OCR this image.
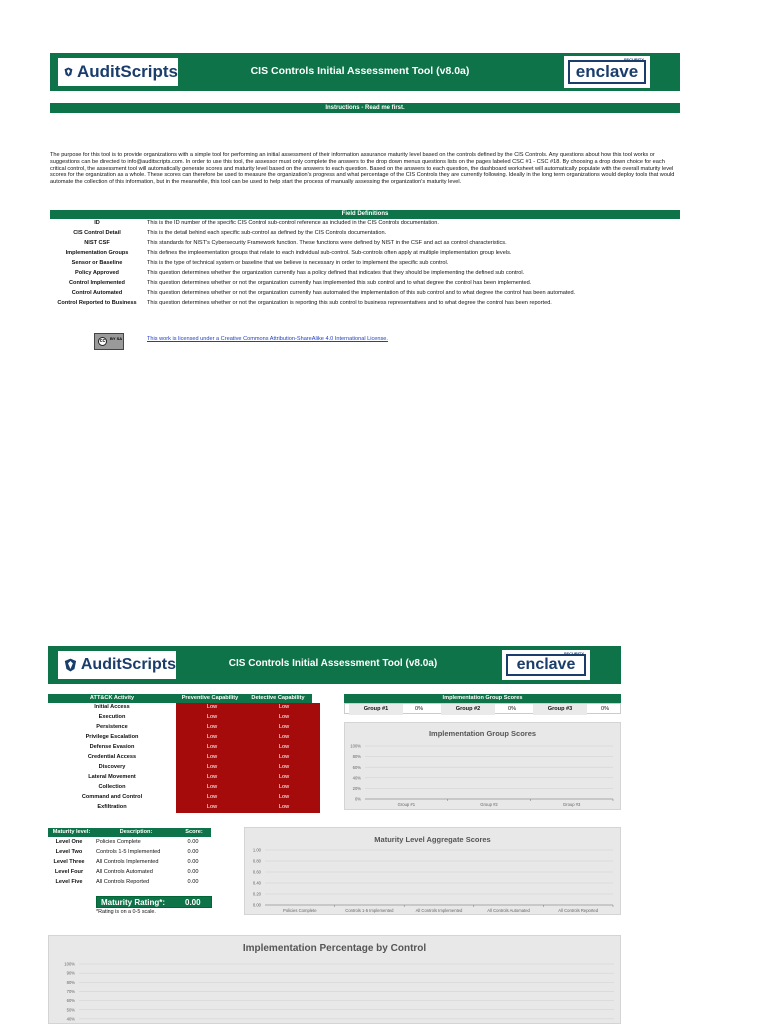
AuditScripts	CIS Controls Initial Assessment Tool (v8.0a)	enclave
SECURITY
Instructions - Read me first.
The purpose for this tool is to provide organizations with a simple tool for performing an initial assessment of their information assurance maturity level based on the controls defined by the CIS Controls. Any questions about how this tool works or suggestions can be directed to info@auditscripts.com. In order to use this tool, the assessor must only complete the answers to the drop down menus questions lists on the pages labeled CSC #1 - CSC #18. By choosing a drop down choice for each critical control, the assessment tool will automatically generate scores and maturity level based on the answers to each question. Based on the answers to each question, the dashboard worksheet will automatically populate with the overall maturity level scores for the organization as a whole. These scores can therefore be used to measure the organization's progress and what percentage of the CIS Controls they are currently following. Ideally in the long term organizations would deploy tools that would automate the collection of this information, but in the meanwhile, this tool can be used to help start the process of manually assessing the organization's maturity level.
Field Definitions
ID	This is the ID number of the specific CIS Control sub-control reference as included in the CIS Controls documentation.
CIS Control Detail	This is the detail behind each specific sub-control as defined by the CIS Controls documentation.
NIST CSF	This standards for NIST's Cybersecurity Framework function. These functions were defined by NIST in the CSF and act as control characteristics.
Implementation Groups	This defines the impleementation groups that relate to each individual sub-control. Sub-controls often apply at multiple implementation group levels.
Sensor or Baseline	This is the type of technical system or baseline that we believe is necessary in order to implement the specific sub control.
Policy Approved	This question determines whether the organization currently has a policy defined that indicates that they should be implementing the defined sub control.
Control Implemented	This question determines whether or not the organization currently has implemented this sub control and to what degree the control has been implemented.
Control Automated	This question determines whether or not the organization currently has automated the implementation of this sub control and to what degree the control has been automated.
Control Reported to Business	This question determines whether or not the organization is reporting this sub control to business representatives and to what degree the control has been reported.
cc	BY SA	This work is licensed under a Creative Commons Attribution-ShareAlike 4.0 International License.
AuditScripts	CIS Controls Initial Assessment Tool (v8.0a)	enclave
SECURITY
ATT&CK Activity	Preventive Capability	Detective Capability
Initial Access	Low	Low
Execution	Low	Low
Persistence	Low	Low
Privilege Escalation	Low	Low
Defense Evasion	Low	Low
Credential Access	Low	Low
Discovery	Low	Low
Lateral Movement	Low	Low
Collection	Low	Low
Command and Control	Low	Low
Exfiltration	Low	Low
Implementation Group Scores
Group #1	0%	Group #2	0%	Group #3	0%
Implementation Group Scores
0%
20%
40%
60%
80%
100%
Group #1	Group #2	Group #3
Maturity level:	Description:	Score:
Level One	Policies Complete	0.00
Level Two	Controls 1-5 Implemented	0.00
Level Three	All Controls Implemented	0.00
Level Four	All Controls Automated	0.00
Level Five	All Controls Reported	0.00
Maturity Rating*:	0.00
*Rating is on a 0-5 scale.
Maturity Level Aggregate Scores
0.00
0.20
0.40
0.60
0.80
1.00
Policies Complete	Controls 1-5 Implemented	All Controls Implemented	All Controls Automated	All Controls Reported
Implementation Percentage by Control
40%
50%
60%
70%
80%
90%
100%
